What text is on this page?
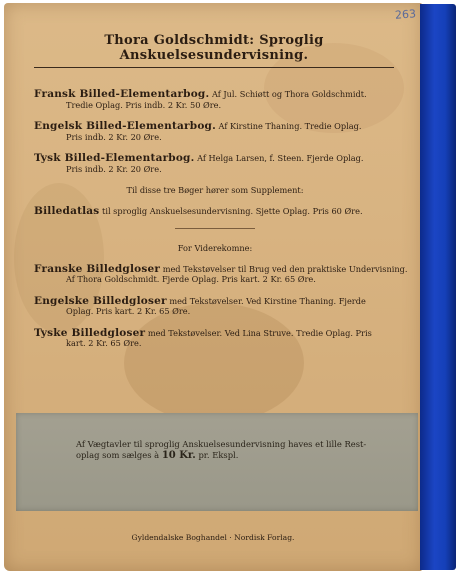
Thora Goldschmidt: Sproglig Anskuelsesundervisning.
Fransk Billed-Elementarbog. Af Jul. Schiøtt og Thora Goldschmidt.
Tredie Oplag. Pris indb. 2 Kr. 50 Øre.
Engelsk Billed-Elementarbog. Af Kirstine Thaning. Tredie Oplag.
Pris indb. 2 Kr. 20 Øre.
Tysk Billed-Elementarbog. Af Helga Larsen, f. Steen. Fjerde Oplag.
Pris indb. 2 Kr. 20 Øre.
Til disse tre Bøger hører som Supplement:
Billedatlas til sproglig Anskuelsesundervisning. Sjette Oplag. Pris 60 Øre.
For Viderekomne:
Franske Billedgloser med Tekstøvelser til Brug ved den praktiske Undervisning.
Af Thora Goldschmidt. Fjerde Oplag. Pris kart. 2 Kr. 65 Øre.
Engelske Billedgloser med Tekstøvelser. Ved Kirstine Thaning. Fjerde
Oplag. Pris kart. 2 Kr. 65 Øre.
Tyske Billedgloser med Tekstøvelser. Ved Lina Struve. Tredie Oplag. Pris
kart. 2 Kr. 65 Øre.
Af Vægtavler til sproglig Anskuelsesundervisning haves et lille Rest-
oplag som sælges à 10 Kr. pr. Ekspl.
Gyldendalske Boghandel · Nordisk Forlag.
263
